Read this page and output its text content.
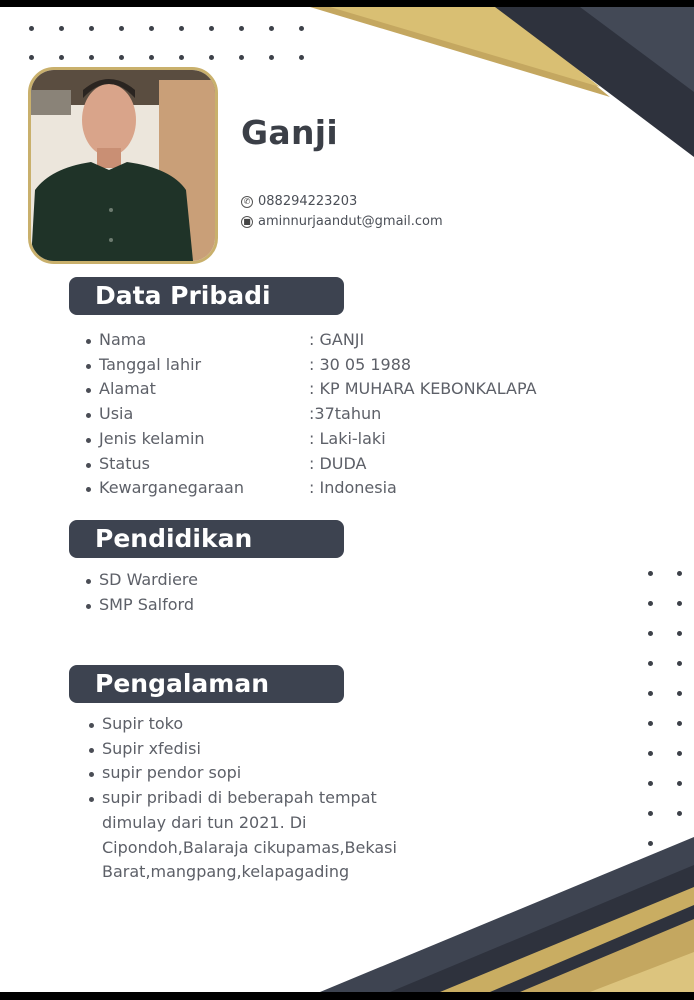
Ganji
✆ 088294223203
■ aminnurjaandut@gmail.com
Data Pribadi
Nama	: GANJI
Tanggal lahir	: 30 05 1988
Alamat	: KP MUHARA KEBONKALAPA
Usia	:37tahun
Jenis kelamin	: Laki-laki
Status	: DUDA
Kewarganegaraan	: Indonesia
Pendidikan
SD Wardiere
SMP Salford
Pengalaman
Supir toko
Supir xfedisi
supir pendor sopi
supir pribadi di beberapah tempat dimulay dari tun 2021. Di Cipondoh,Balaraja cikupamas,Bekasi Barat,mangpang,kelapagading
